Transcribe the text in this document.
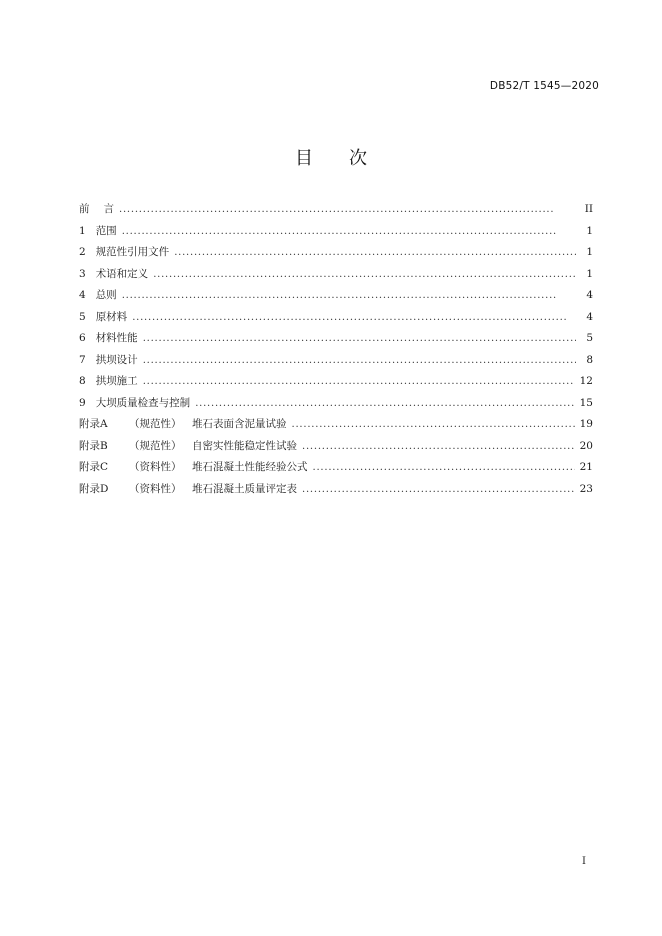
DB52/T 1545—2020
目次
前 言 . . .	II
1 范围 . . .	1
2 规范性引用文件 . . .	1
3 术语和定义 . . .	1
4 总则 . . .	4
5 原材料 . . .	4
6 材料性能 . . .	5
7 拱坝设计 . . .	8
8 拱坝施工 . . .	12
9 大坝质量检查与控制 . . .	15
附录A	（规范性）	堆石表面含泥量试验 . . .	19
附录B	（规范性）	自密实性能稳定性试验 . . .	20
附录C	（资料性）	堆石混凝土性能经验公式 . . .	21
附录D	（资料性）	堆石混凝土质量评定表 . . .	23
I
